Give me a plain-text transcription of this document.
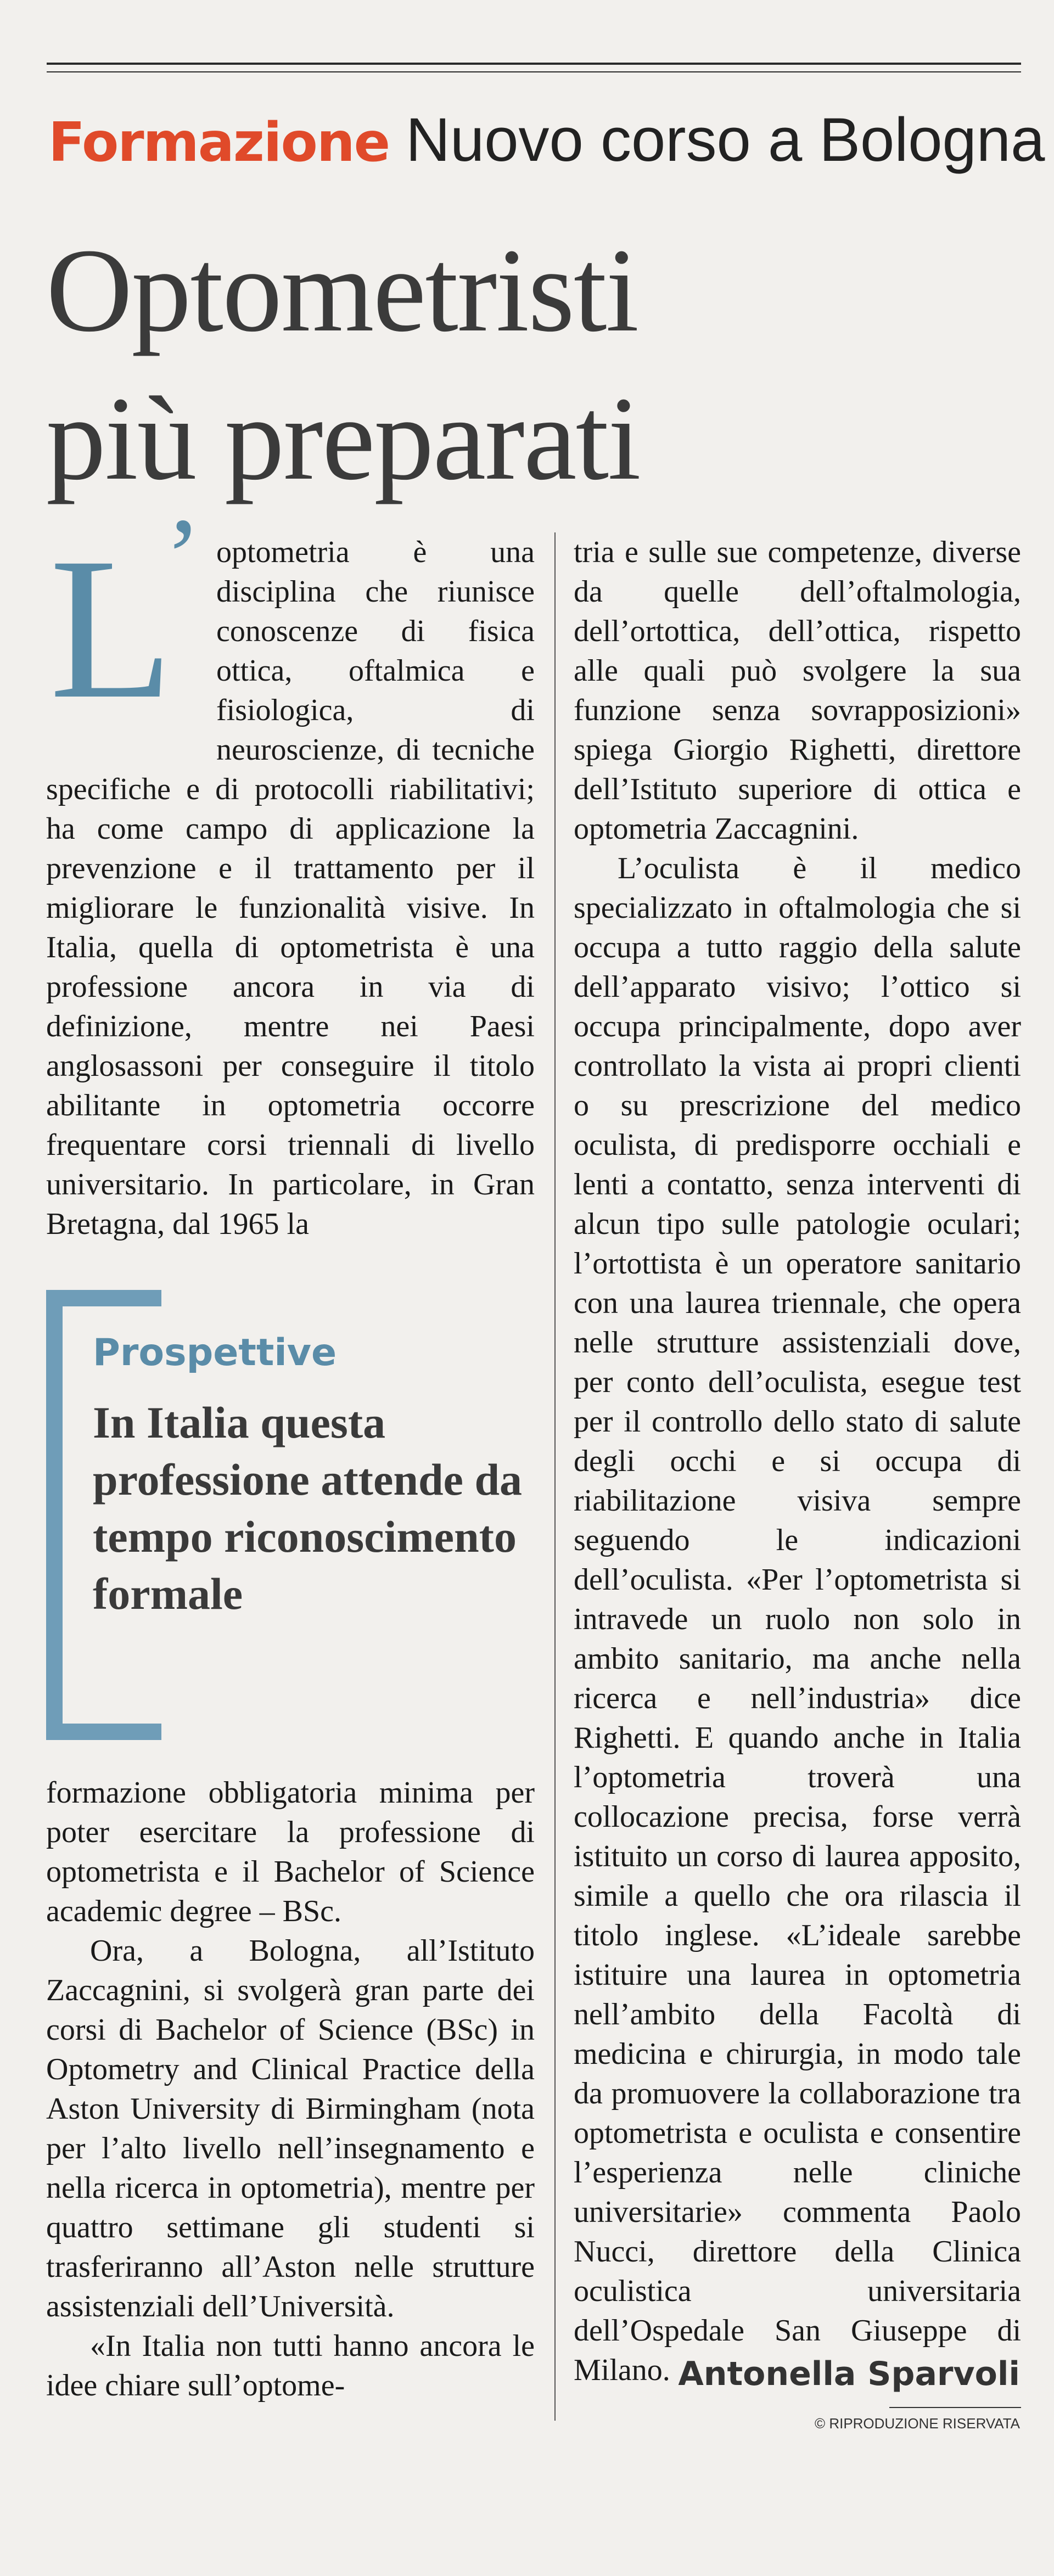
Formazione Nuovo corso a Bologna
Optometristi
più preparati
L
’ optometria è una disciplina che riunisce conoscenze di fisica ottica, oftalmica e fisiologica, di neuroscienze, di tecniche specifiche e di protocolli riabilitativi; ha come campo di applicazione la prevenzione e il trattamento per il migliorare le funzionalità visive. In Italia, quella di optometrista è una professione ancora in via di definizione, mentre nei Paesi anglosassoni per conseguire il titolo abilitante in optometria occorre frequentare corsi triennali di livello universitario. In particolare, in Gran Bretagna, dal 1965 la

Prospettive
In Italia questa professione attende da tempo riconoscimento formale

formazione obbligatoria minima per poter esercitare la professione di optometrista e il Bachelor of Science academic degree – BSc.

Ora, a Bologna, all’Istituto Zaccagnini, si svolgerà gran parte dei corsi di Bachelor of Science (BSc) in Optometry and Clinical Practice della Aston University di Birmingham (nota per l’alto livello nell’insegnamento e nella ricerca in optometria), mentre per quattro settimane gli studenti si trasferiranno all’Aston nelle strutture assistenziali dell’Università.

«In Italia non tutti hanno ancora le idee chiare sull’optome-

tria e sulle sue competenze, diverse da quelle dell’oftalmologia, dell’ortottica, dell’ottica, rispetto alle quali può svolgere la sua funzione senza sovrapposizioni» spiega Giorgio Righetti, direttore dell’Istituto superiore di ottica e optometria Zaccagnini.

L’oculista è il medico specializzato in oftalmologia che si occupa a tutto raggio della salute dell’apparato visivo; l’ottico si occupa principalmente, dopo aver controllato la vista ai propri clienti o su prescrizione del medico oculista, di predisporre occhiali e lenti a contatto, senza interventi di alcun tipo sulle patologie oculari; l’ortottista è un operatore sanitario con una laurea triennale, che opera nelle strutture assistenziali dove, per conto dell’oculista, esegue test per il controllo dello stato di salute degli occhi e si occupa di riabilitazione visiva sempre seguendo le indicazioni dell’oculista. «Per l’optometrista si intravede un ruolo non solo in ambito sanitario, ma anche nella ricerca e nell’industria» dice Righetti. E quando anche in Italia l’optometria troverà una collocazione precisa, forse verrà istituito un corso di laurea apposito, simile a quello che ora rilascia il titolo inglese. «L’ideale sarebbe istituire una laurea in optometria nell’ambito della Facoltà di medicina e chirurgia, in modo tale da promuovere la collaborazione tra optometrista e oculista e consentire l’esperienza nelle cliniche universitarie» commenta Paolo Nucci, direttore della Clinica oculistica universitaria dell’Ospedale San Giuseppe di Milano. Antonella Sparvoli
© RIPRODUZIONE RISERVATA
